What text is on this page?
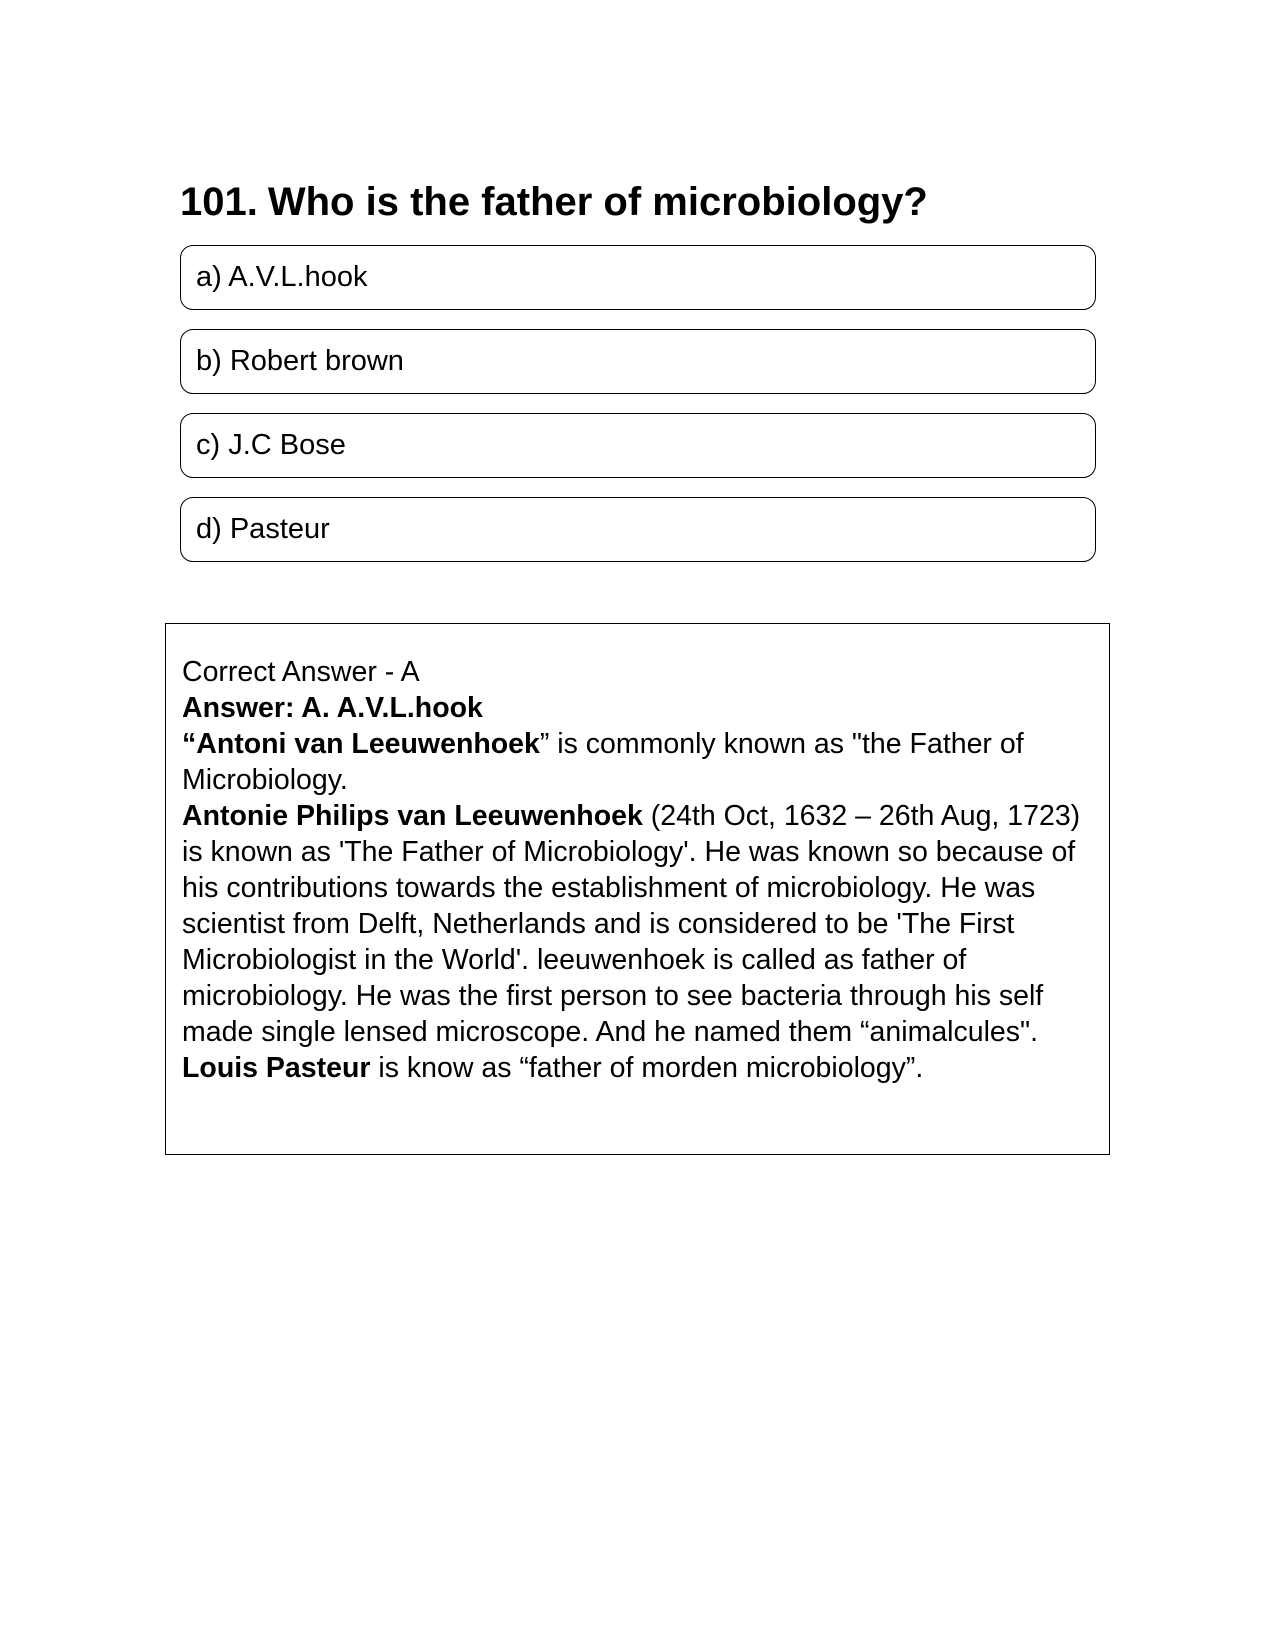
101. Who is the father of microbiology?
a) A.V.L.hook
b) Robert brown
c) J.C Bose
d) Pasteur

Correct Answer - A

Answer: A. A.V.L.hook

“Antoni van Leeuwenhoek” is commonly known as "the Father of Microbiology.

Antonie Philips van Leeuwenhoek (24th Oct, 1632 – 26th Aug, 1723) is known as 'The Father of Microbiology'. He was known so because of his contributions towards the establishment of microbiology. He was scientist from Delft, Netherlands and is considered to be 'The First Microbiologist in the World'. leeuwenhoek is called as father of microbiology. He was the first person to see bacteria through his self made single lensed microscope. And he named them “animalcules". Louis Pasteur is know as “father of morden microbiology”.
